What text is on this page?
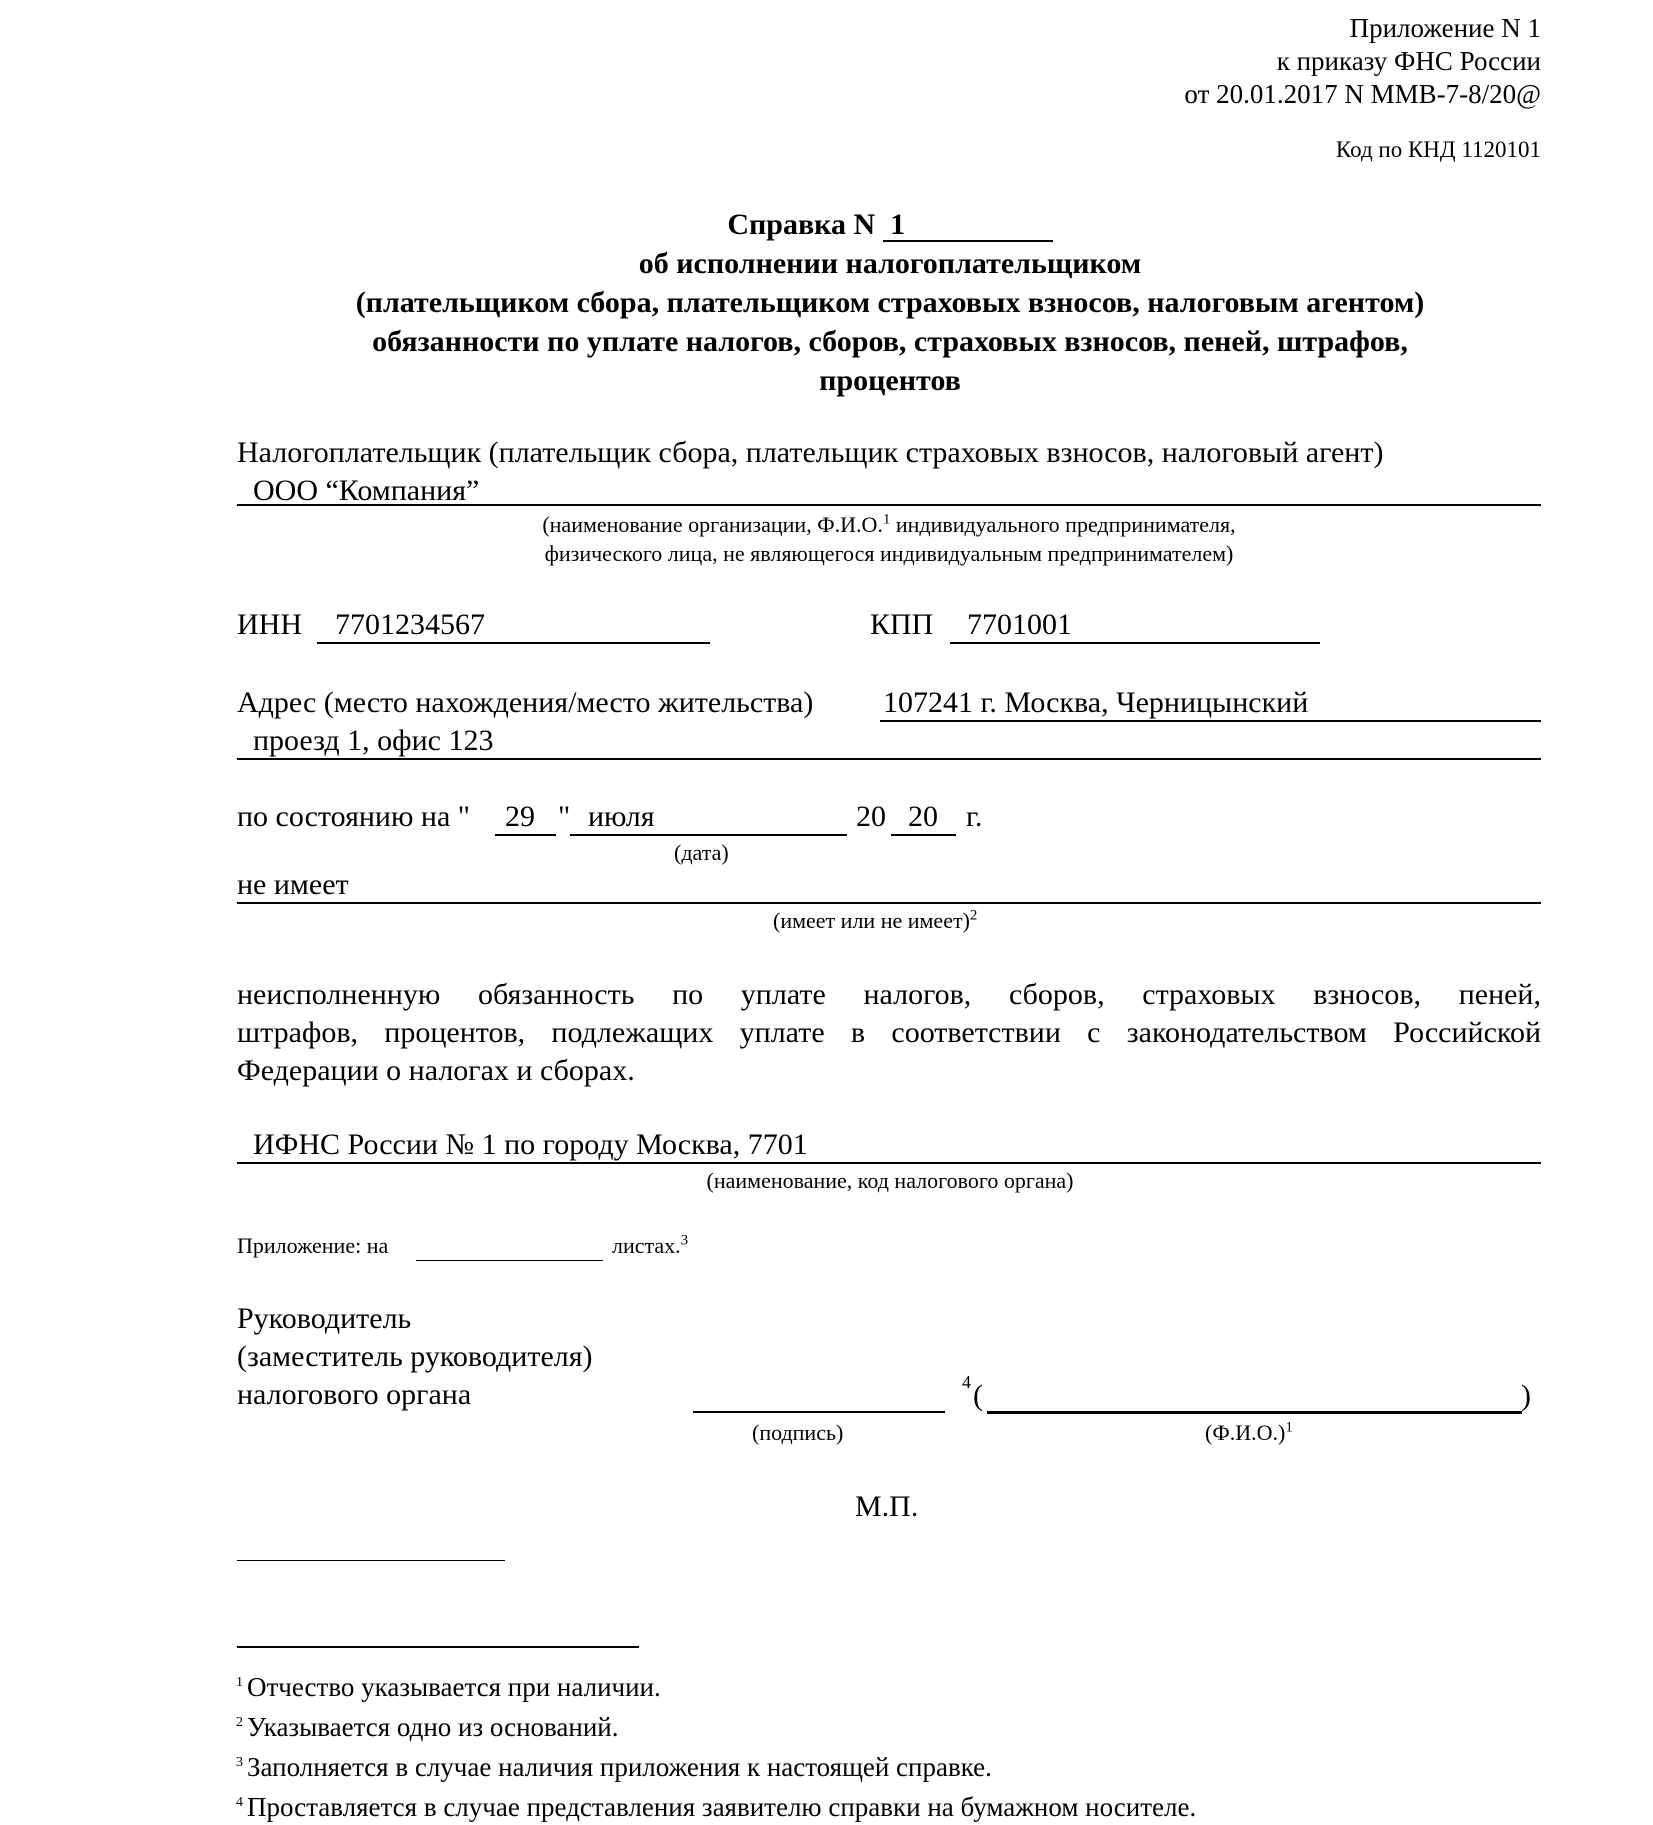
Приложение N 1
к приказу ФНС России
от 20.01.2017 N ММВ-7-8/20@
Код по КНД 1120101
Справка N 1
об исполнении налогоплательщиком
(плательщиком сбора, плательщиком страховых взносов, налоговым агентом)
обязанности по уплате налогов, сборов, страховых взносов, пеней, штрафов,
процентов
Налогоплательщик (плательщик сбора, плательщик страховых взносов, налоговый агент)
ООО “Компания”
(наименование организации, Ф.И.О.$^1$ индивидуального предпринимателя,
физического лица, не являющегося индивидуальным предпринимателем)
ИНН 7701234567	КПП 7701001
Адрес (место нахождения/место жительства) 107241 г. Москва, Черницынский
проезд 1, офис 123
по состоянию на " 29 " июля	20 20 г.
(дата)
не имеет
(имеет или не имеет)$^2$
неисполненную обязанность по уплате налогов, сборов, страховых взносов, пеней,
штрафов, процентов, подлежащих уплате в соответствии с законодательством Российской
Федерации о налогах и сборах.
ИФНС России № 1 по городу Москва, 7701
(наименование, код налогового органа)
Приложение: на	листах.$^3$
Руководитель
(заместитель руководителя)
налогового органа	4 (	)
(подпись)	$(Ф.И.О.)^1$
М.П.
$^1$ Отчество указывается при наличии.
$^2$ Указывается одно из оснований.
$^3$ Заполняется в случае наличия приложения к настоящей справке.
$^4$ Проставляется в случае представления заявителю справки на бумажном носителе.
